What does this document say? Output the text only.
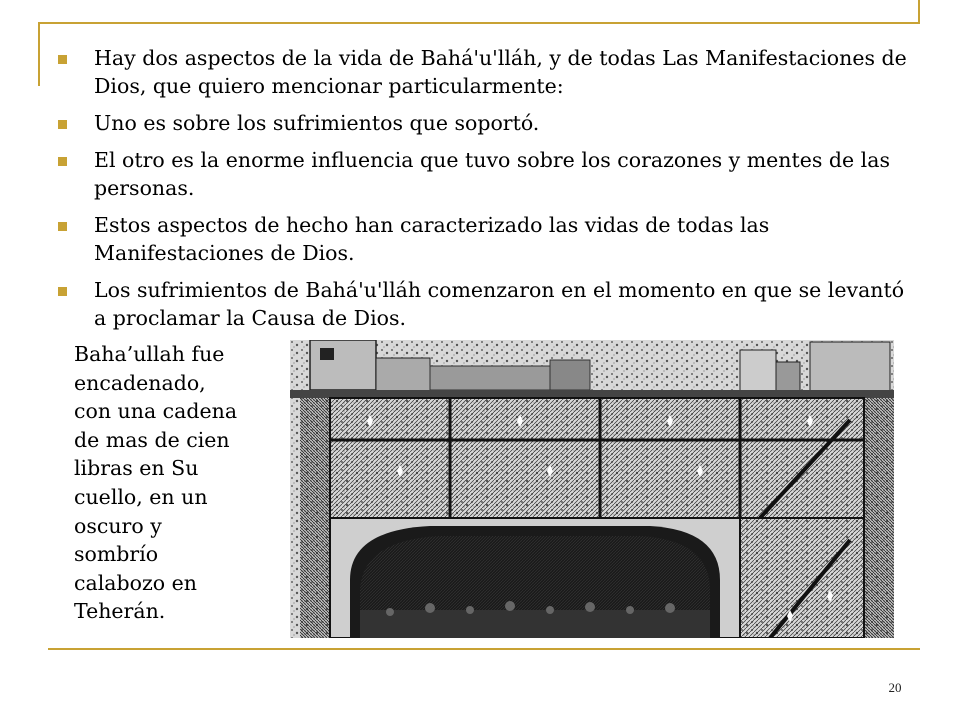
Hay dos aspectos de la vida de Bahá'u'lláh, y de todas Las Manifestaciones de Dios, que quiero mencionar particularmente:
Uno es sobre los sufrimientos que soportó.
El otro es la enorme influencia que tuvo sobre los corazones y mentes de las personas.
Estos aspectos de hecho han caracterizado las vidas de todas las Manifestaciones de Dios.
Los sufrimientos de Bahá'u'lláh comenzaron en el momento en que se levantó a proclamar la Causa de Dios.

Baha’ullah fue
encadenado,
con una cadena
de mas de cien
libras en Su
cuello, en un
oscuro y
sombrío
calabozo en
Teherán.

20
